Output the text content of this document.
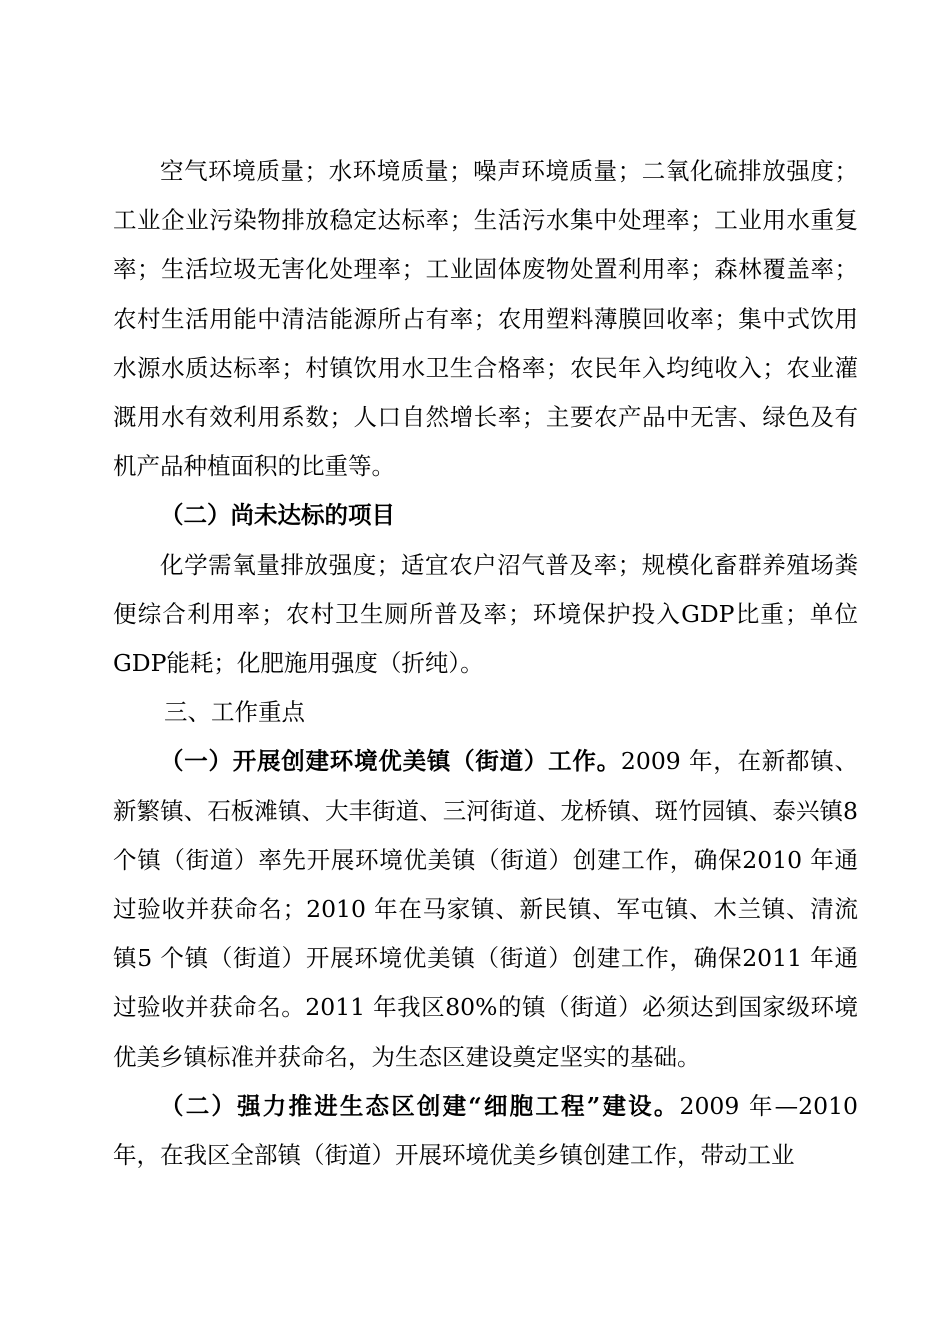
空气环境质量；水环境质量；噪声环境质量；二氧化硫排放强度；工业企业污染物排放稳定达标率；生活污水集中处理率；工业用水重复率；生活垃圾无害化处理率；工业固体废物处置利用率；森林覆盖率；农村生活用能中清洁能源所占有率；农用塑料薄膜回收率；集中式饮用水源水质达标率；村镇饮用水卫生合格率；农民年入均纯收入；农业灌溉用水有效利用系数；人口自然增长率；主要农产品中无害、绿色及有机产品种植面积的比重等。

（二）尚未达标的项目

化学需氧量排放强度；适宜农户沼气普及率；规模化畜群养殖场粪便综合利用率；农村卫生厕所普及率；环境保护投入GDP比重；单位GDP能耗；化肥施用强度（折纯）。

三、工作重点

（一）开展创建环境优美镇（街道）工作。2009 年，在新都镇、新繁镇、石板滩镇、大丰街道、三河街道、龙桥镇、斑竹园镇、泰兴镇8 个镇（街道）率先开展环境优美镇（街道）创建工作，确保2010 年通过验收并获命名；2010 年在马家镇、新民镇、军屯镇、木兰镇、清流镇5 个镇（街道）开展环境优美镇（街道）创建工作，确保2011 年通过验收并获命名。2011 年我区80%的镇（街道）必须达到国家级环境优美乡镇标准并获命名，为生态区建设奠定坚实的基础。

（二）强力推进生态区创建“细胞工程”建设。2009 年—2010 年，在我区全部镇（街道）开展环境优美乡镇创建工作，带动工业
